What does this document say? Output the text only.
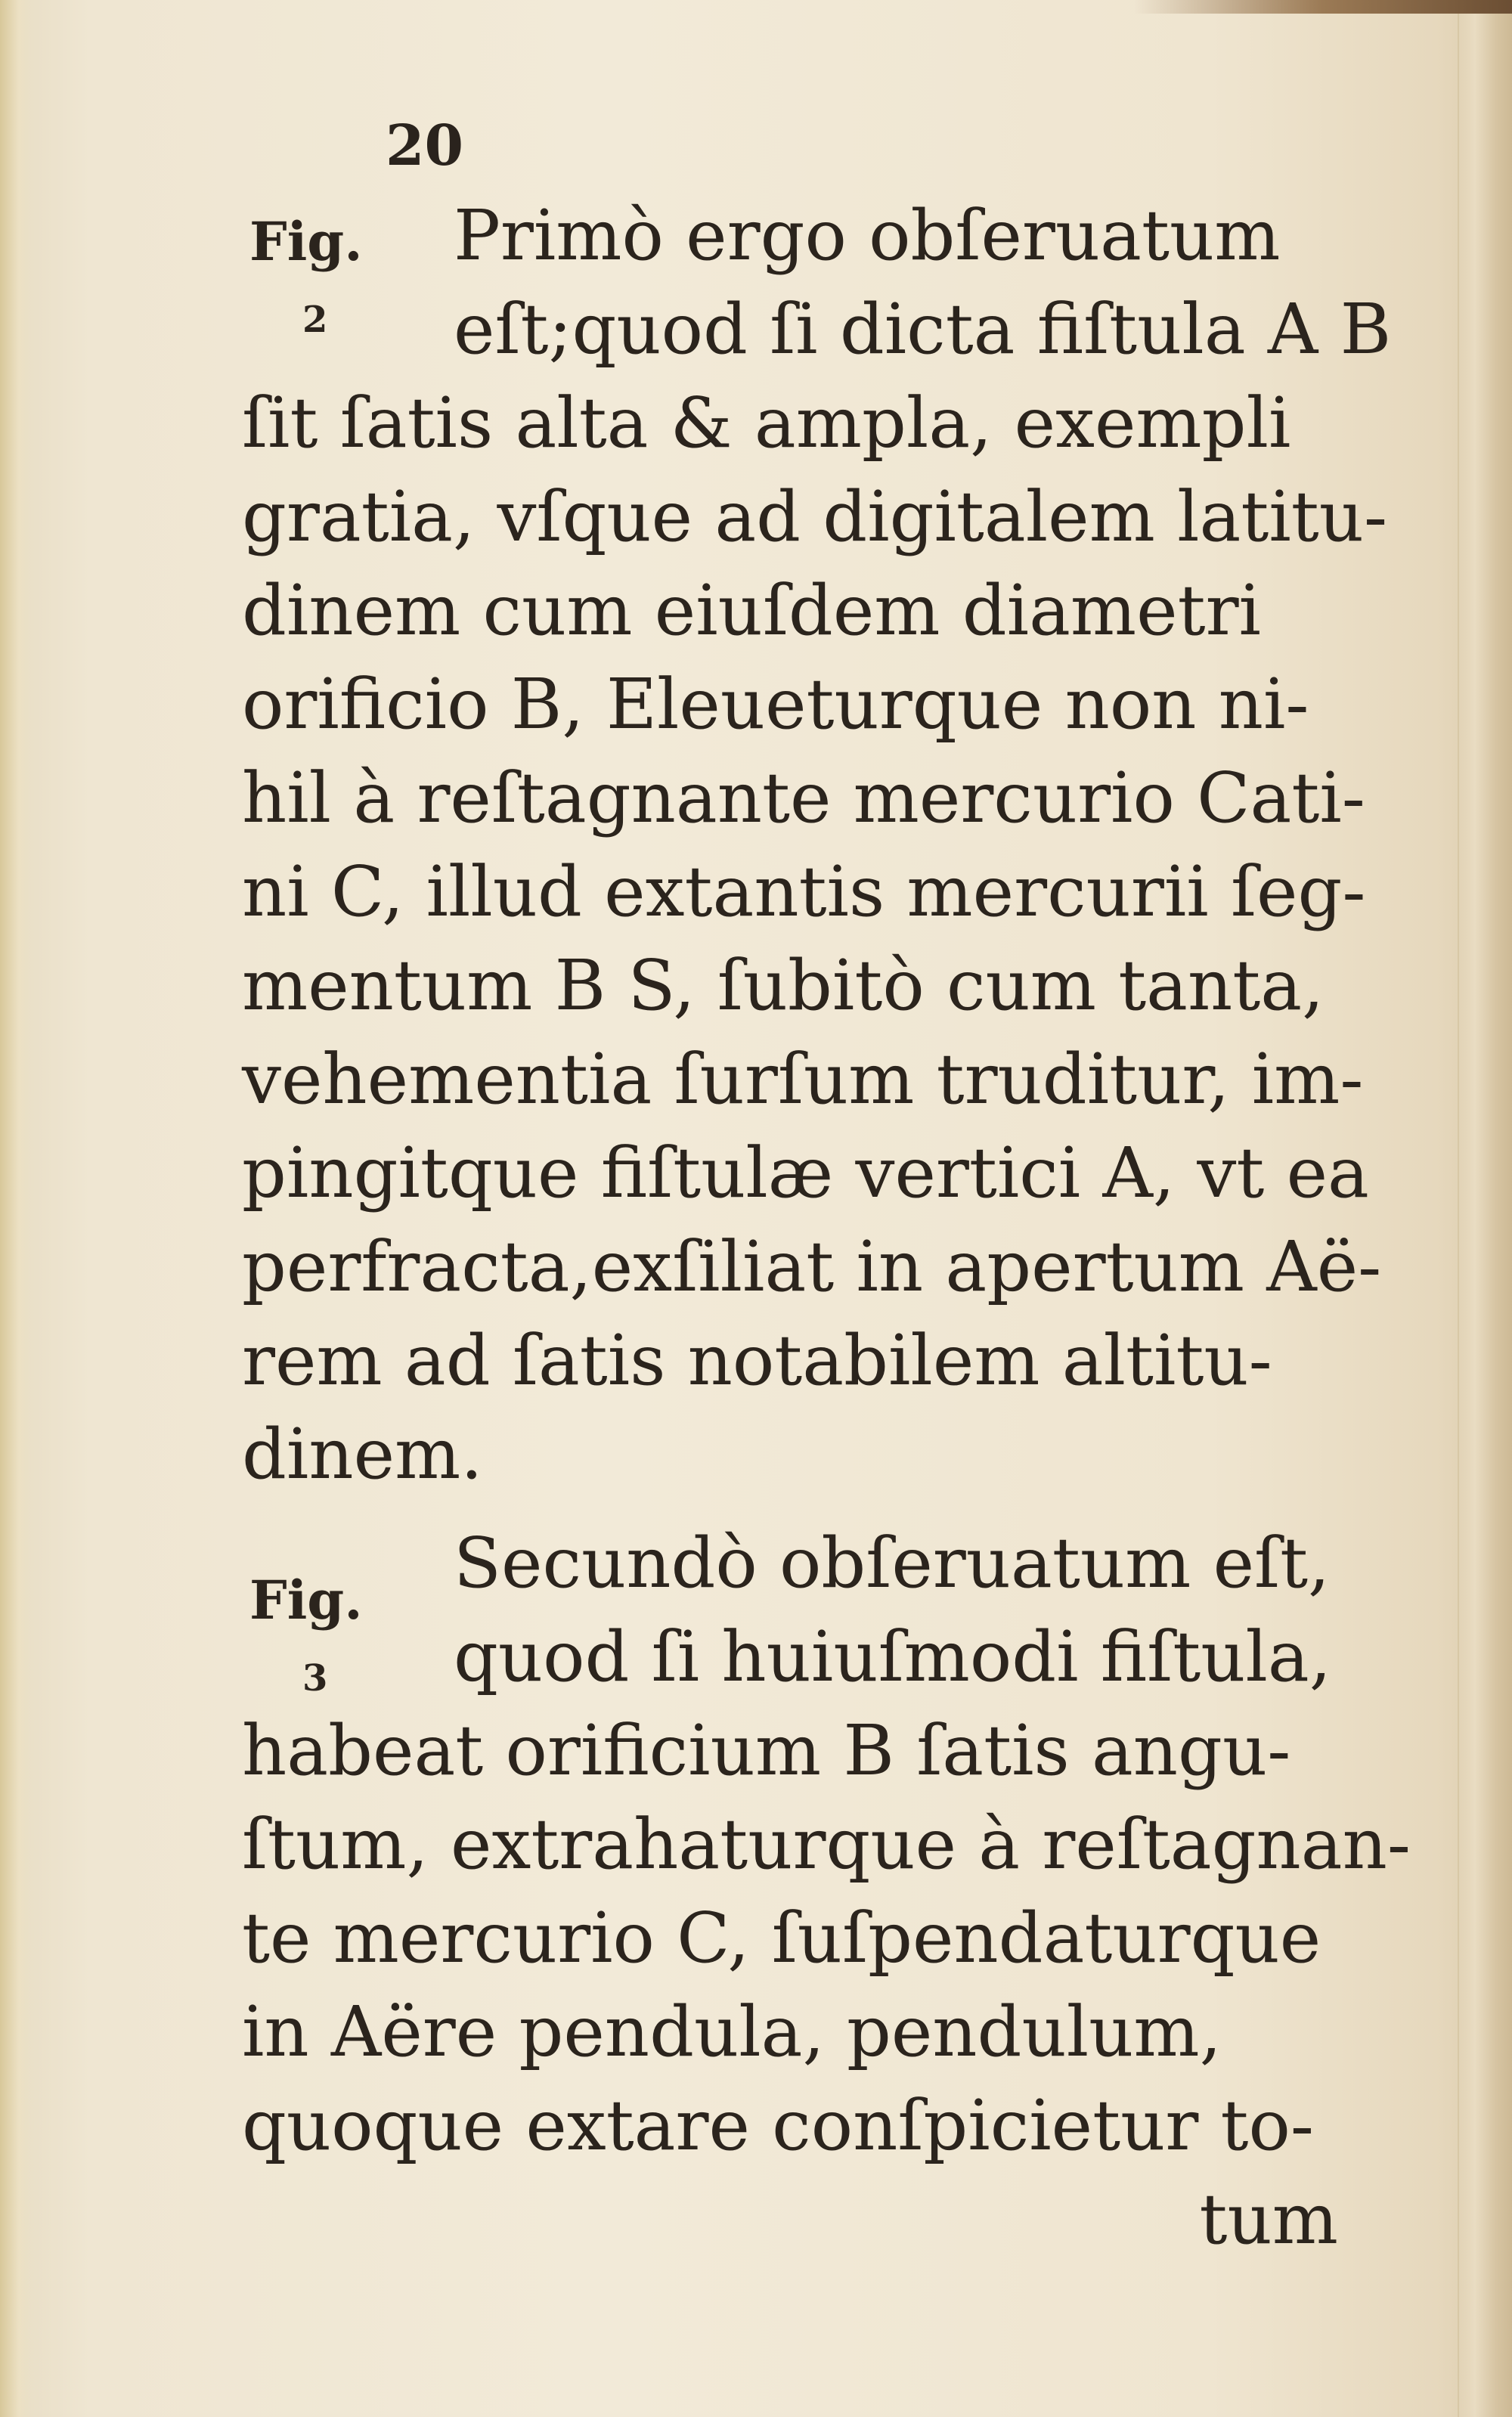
20
Fig.
2
Fig.
3
Primò ergo obſeruatum
eſt;quod ſi dicta fiſtula A B
ſit ſatis alta & ampla, exempli
gratia, vſque ad digitalem latitu-
dinem cum eiuſdem diametri
orificio B, Eleueturque non ni-
hil à reſtagnante mercurio Cati-
ni C, illud extantis mercurii ſeg-
mentum B S, ſubitò cum tanta,
vehementia ſurſum truditur, im-
pingitque fiſtulæ vertici A, vt ea
perfracta,exſiliat in apertum Aë-
rem ad ſatis notabilem altitu-
dinem.
Secundò obſeruatum eſt,
quod ſi huiuſmodi fiſtula,
habeat orificium B ſatis angu-
ſtum, extrahaturque à reſtagnan-
te mercurio C, ſuſpendaturque
in Aëre pendula, pendulum,
quoque extare conſpicietur to-
tum
